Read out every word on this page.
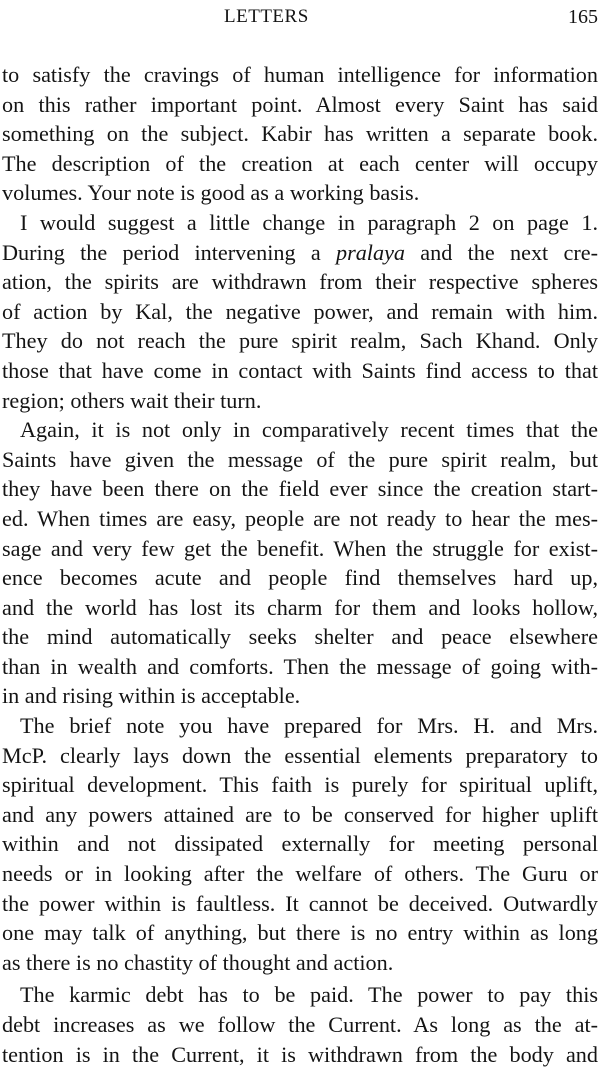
LETTERS	165
to satisfy the cravings of human intelligence for information
on this rather important point. Almost every Saint has said
something on the subject. Kabir has written a separate book.
The description of the creation at each center will occupy
volumes. Your note is good as a working basis.
I would suggest a little change in paragraph 2 on page 1.
During the period intervening a pralaya and the next cre-
ation, the spirits are withdrawn from their respective spheres
of action by Kal, the negative power, and remain with him.
They do not reach the pure spirit realm, Sach Khand. Only
those that have come in contact with Saints find access to that
region; others wait their turn.
Again, it is not only in comparatively recent times that the
Saints have given the message of the pure spirit realm, but
they have been there on the field ever since the creation start-
ed. When times are easy, people are not ready to hear the mes-
sage and very few get the benefit. When the struggle for exist-
ence becomes acute and people find themselves hard up,
and the world has lost its charm for them and looks hollow,
the mind automatically seeks shelter and peace elsewhere
than in wealth and comforts. Then the message of going with-
in and rising within is acceptable.
The brief note you have prepared for Mrs. H. and Mrs.
McP. clearly lays down the essential elements preparatory to
spiritual development. This faith is purely for spiritual uplift,
and any powers attained are to be conserved for higher uplift
within and not dissipated externally for meeting personal
needs or in looking after the welfare of others. The Guru or
the power within is faultless. It cannot be deceived. Outwardly
one may talk of anything, but there is no entry within as long
as there is no chastity of thought and action.
The karmic debt has to be paid. The power to pay this
debt increases as we follow the Current. As long as the at-
tention is in the Current, it is withdrawn from the body and
